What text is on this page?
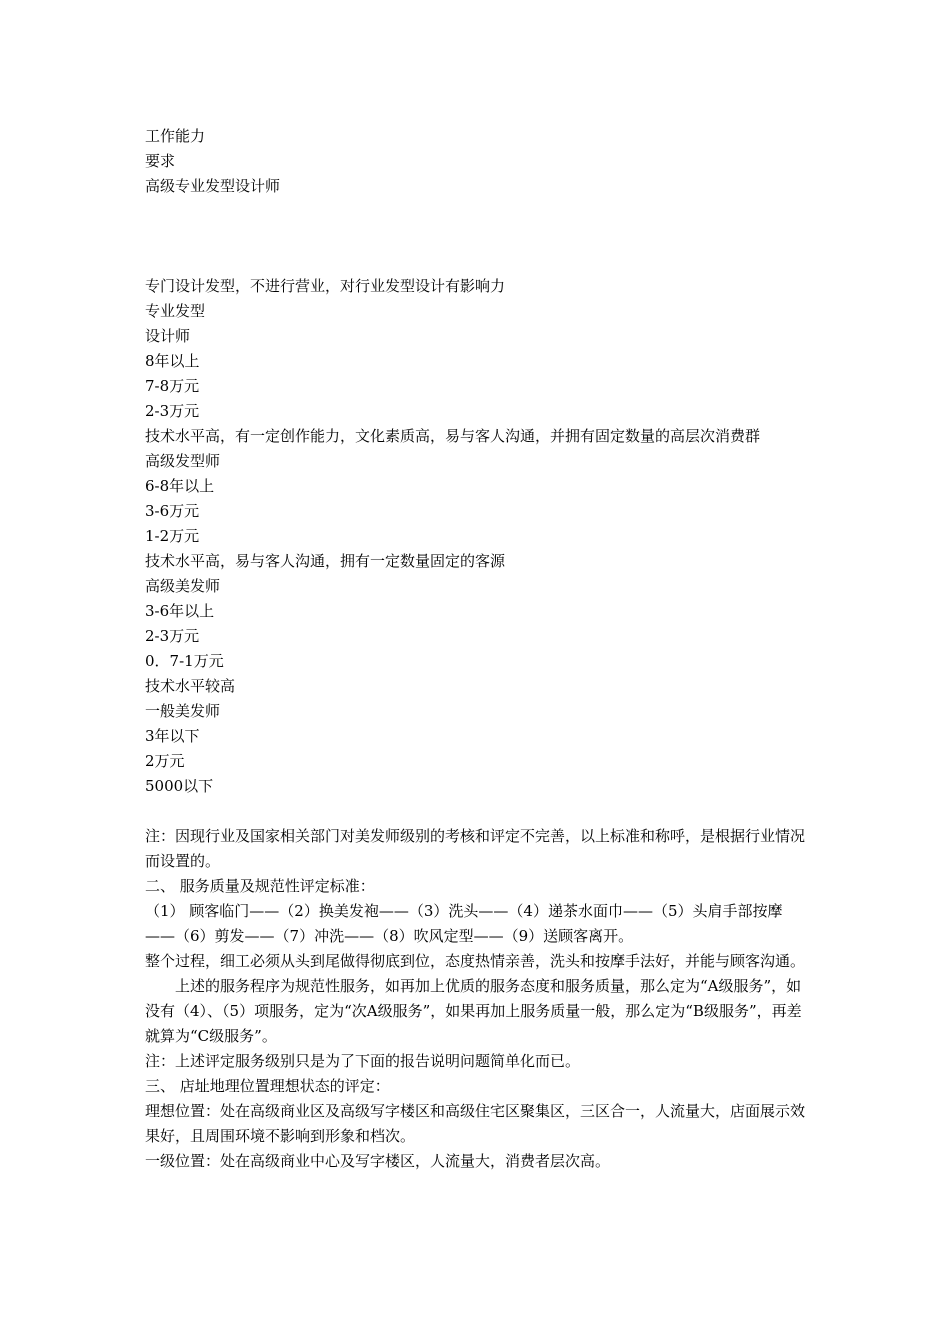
工作能力
要求
高级专业发型设计师
专门设计发型，不进行营业，对行业发型设计有影响力
专业发型
设计师
8年以上
7-8万元
2-3万元
技术水平高，有一定创作能力，文化素质高，易与客人沟通，并拥有固定数量的高层次消费群
高级发型师
6-8年以上
3-6万元
1-2万元
技术水平高，易与客人沟通，拥有一定数量固定的客源
高级美发师
3-6年以上
2-3万元
0．7-1万元
技术水平较高
一般美发师
3年以下
2万元
5000以下
注：因现行业及国家相关部门对美发师级别的考核和评定不完善，以上标准和称呼，是根据行业情况而设置的。
二、 服务质量及规范性评定标准：
（1） 顾客临门——（2）换美发袍——（3）洗头——（4）递茶水面巾——（5）头肩手部按摩——（6）剪发——（7）冲洗——（8）吹风定型——（9）送顾客离开。
整个过程，细工必须从头到尾做得彻底到位，态度热情亲善，洗头和按摩手法好，并能与顾客沟通。
上述的服务程序为规范性服务，如再加上优质的服务态度和服务质量，那么定为“A级服务”，如没有（4）、（5）项服务，定为“次A级服务”，如果再加上服务质量一般，那么定为“B级服务”，再差就算为“C级服务”。
注：上述评定服务级别只是为了下面的报告说明问题简单化而已。
三、 店址地理位置理想状态的评定：
理想位置：处在高级商业区及高级写字楼区和高级住宅区聚集区，三区合一，人流量大，店面展示效果好，且周围环境不影响到形象和档次。
一级位置：处在高级商业中心及写字楼区，人流量大，消费者层次高。
